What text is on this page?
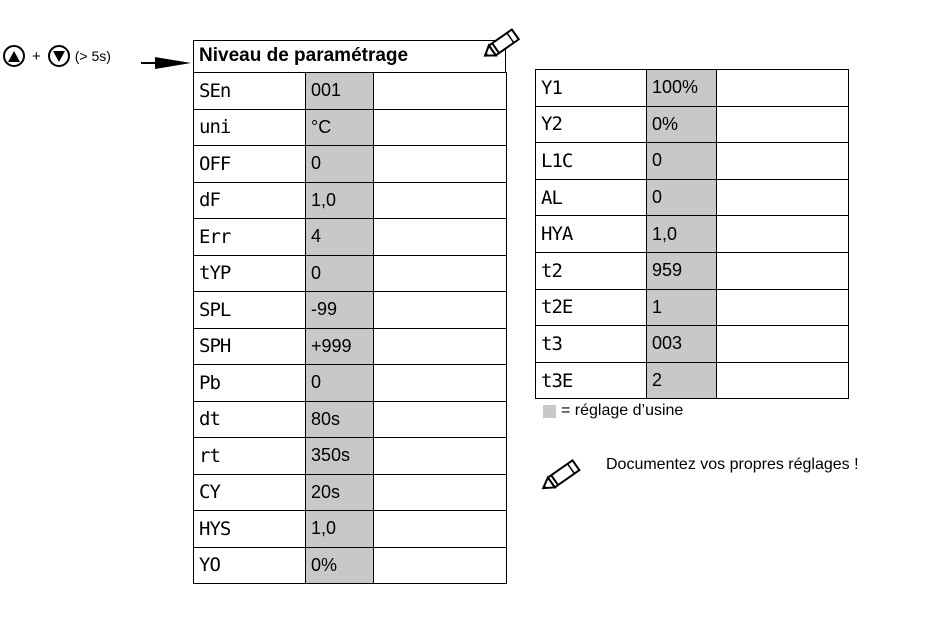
+ (> 5s)	Niveau de paramétrage
SEn	001	
uni	°C	
OFF	0	
dF	1,0	
Err	4	
tYP	0	
SPL	-99	
SPH	+999	
Pb	0	
dt	80s	
rt	350s	
CY	20s	
HYS	1,0	
YO	0%	
Y1	100%	
Y2	0%	
L1C	0	
AL	0	
HYA	1,0	
t2	959	
t2E	1	
t3	003	
t3E	2	
= réglage d’usine
Documentez vos propres réglages !
